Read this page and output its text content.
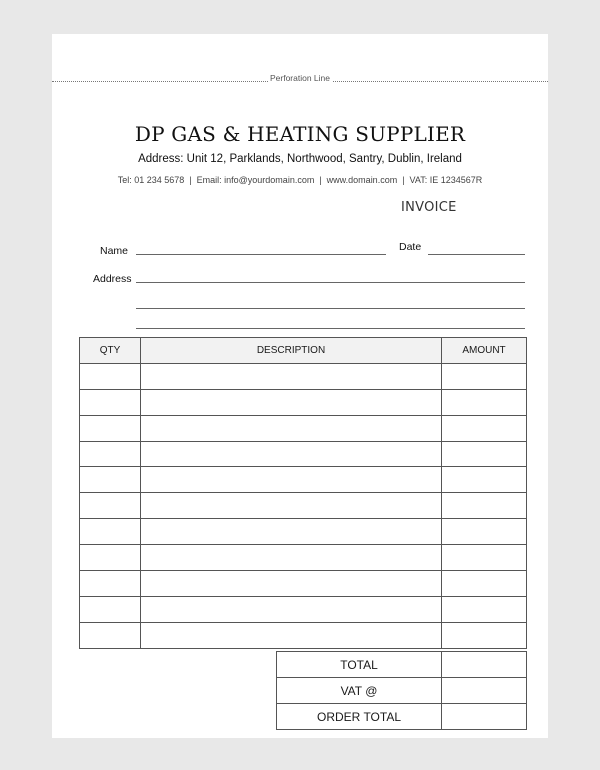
Perforation Line
DP GAS & HEATING SUPPLIER
Address: Unit 12, Parklands, Northwood, Santry, Dublin, Ireland
Tel: 01 234 5678 | Email: info@yourdomain.com | www.domain.com | VAT: IE 1234567R
INVOICE
Name	Date
Address
QTY	DESCRIPTION	AMOUNT

TOTAL	
VAT @	
ORDER TOTAL	
